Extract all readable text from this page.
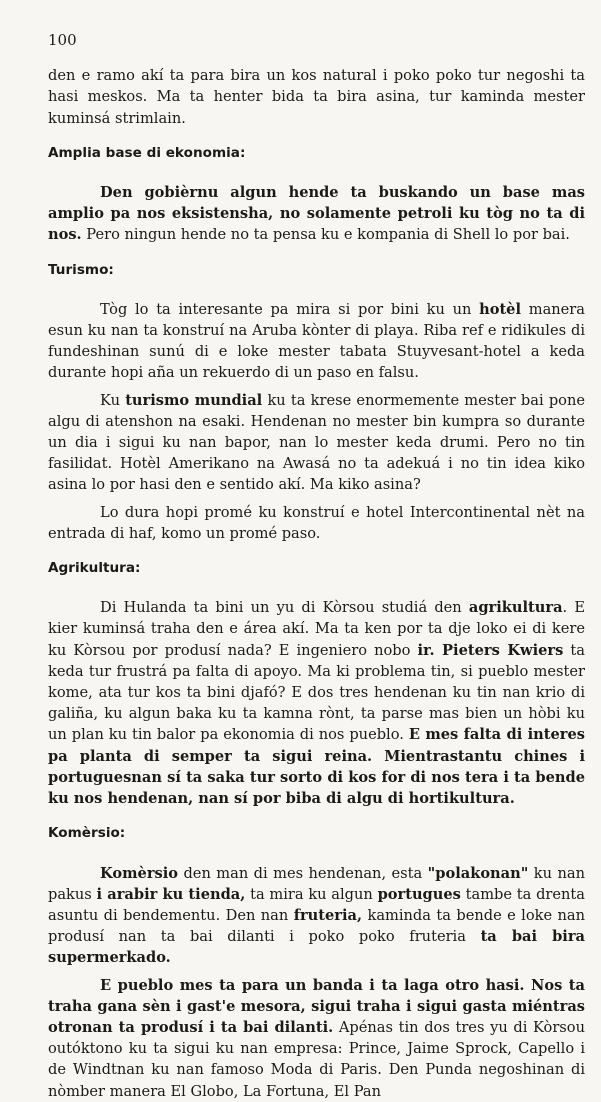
100

den e ramo akí ta para bira un kos natural i poko poko tur negoshi ta hasi meskos. Ma ta henter bida ta bira asina, tur kaminda mester kuminsá strimlain.

Amplia base di ekonomia:

Den gobièrnu algun hende ta buskando un base mas amplio pa nos eksistensha, no solamente petroli ku tòg no ta di nos. Pero ningun hende no ta pensa ku e kompania di Shell lo por bai.

Turismo:

Tòg lo ta interesante pa mira si por bini ku un hotèl manera esun ku nan ta konstruí na Aruba kònter di playa. Riba ref e ridikules di fundeshinan sunú di e loke mester tabata Stuyvesant-hotel a keda durante hopi aña un rekuerdo di un paso en falsu.

Ku turismo mundial ku ta krese enormemente mester bai pone algu di atenshon na esaki. Hendenan no mester bin kumpra so durante un dia i sigui ku nan bapor, nan lo mester keda drumi. Pero no tin fasilidat. Hotèl Amerikano na Awasá no ta adekuá i no tin idea kiko asina lo por hasi den e sentido akí. Ma kiko asina?

Lo dura hopi promé ku konstruí e hotel Intercontinental nèt na entrada di haf, komo un promé paso.

Agrikultura:

Di Hulanda ta bini un yu di Kòrsou studiá den agrikultura. E kier kuminsá traha den e área akí. Ma ta ken por ta dje loko ei di kere ku Kòrsou por produsí nada? E ingeniero nobo ir. Pieters Kwiers ta keda tur frustrá pa falta di apoyo. Ma ki problema tin, si pueblo mester kome, ata tur kos ta bini djafó? E dos tres hendenan ku tin nan krio di galiña, ku algun baka ku ta kamna rònt, ta parse mas bien un hòbi ku un plan ku tin balor pa ekonomia di nos pueblo. E mes falta di interes pa planta di semper ta sigui reina. Mientrastantu chines i portuguesnan sí ta saka tur sorto di kos for di nos tera i ta bende ku nos hendenan, nan sí por biba di algu di hortikultura.

Komèrsio:

Komèrsio den man di mes hendenan, esta "polakonan" ku nan pakus i arabir ku tienda, ta mira ku algun portugues tambe ta drenta asuntu di bendementu. Den nan fruteria, kaminda ta bende e loke nan produsí nan ta bai dilanti i poko poko fruteria ta bai bira supermerkado.

E pueblo mes ta para un banda i ta laga otro hasi. Nos ta traha gana sèn i gast'e mesora, sigui traha i sigui gasta miéntras otronan ta produsí i ta bai dilanti. Apénas tin dos tres yu di Kòrsou outóktono ku ta sigui ku nan empresa: Prince, Jaime Sprock, Capello i de Windtnan ku nan famoso Moda di Paris. Den Punda negoshinan di nòmber manera El Globo, La Fortuna, El Pan
